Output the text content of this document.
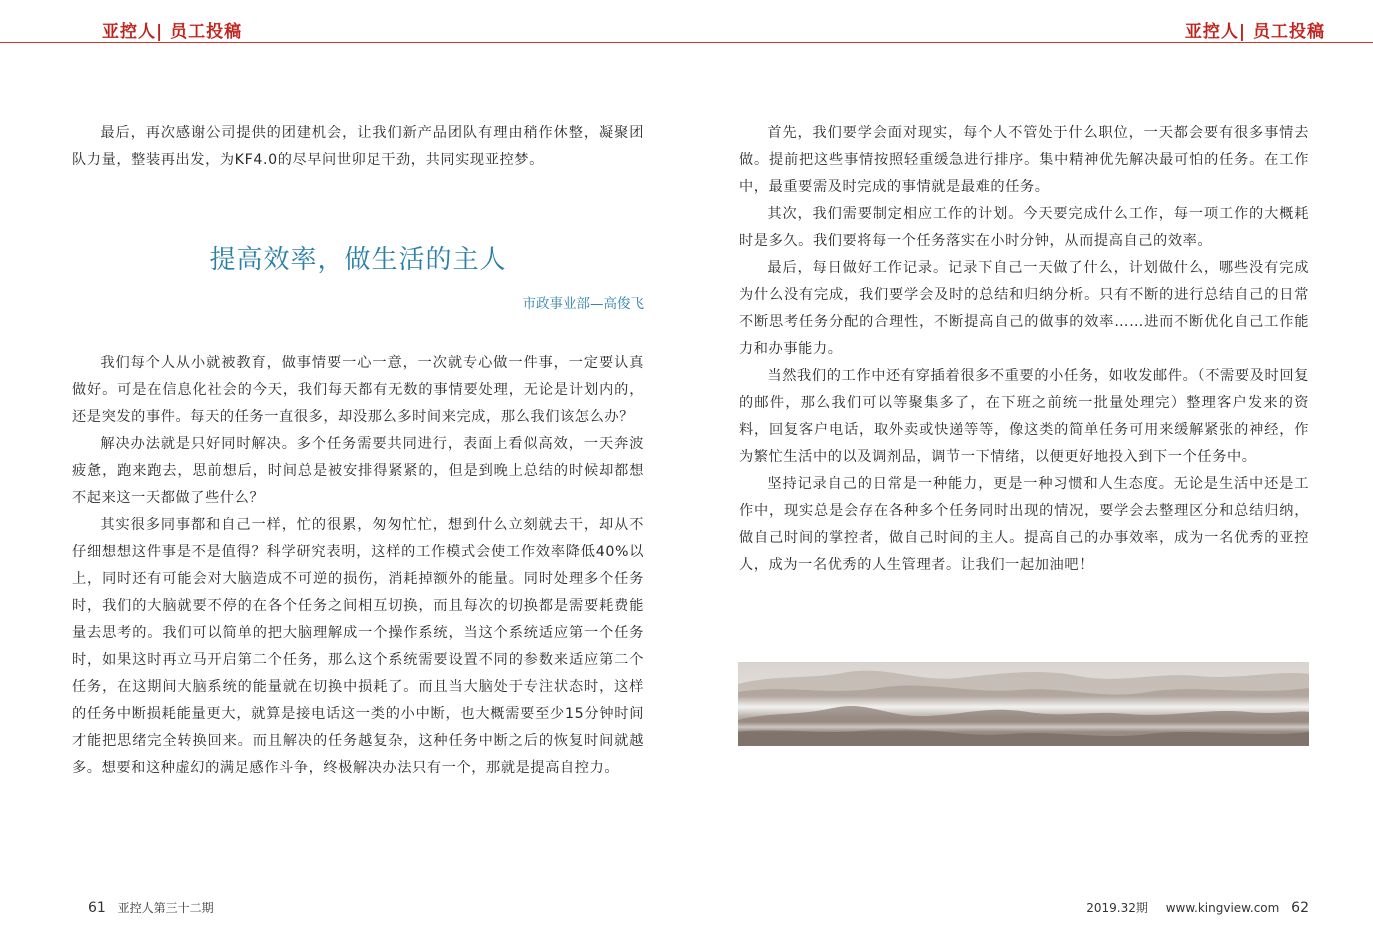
亚控人| 员工投稿	亚控人| 员工投稿

最后，再次感谢公司提供的团建机会，让我们新产品团队有理由稍作休整，凝聚团队力量，整装再出发，为KF4.0的尽早问世卯足干劲，共同实现亚控梦。

提高效率，做生活的主人
市政事业部—高俊飞

我们每个人从小就被教育，做事情要一心一意，一次就专心做一件事，一定要认真做好。可是在信息化社会的今天，我们每天都有无数的事情要处理，无论是计划内的，还是突发的事件。每天的任务一直很多，却没那么多时间来完成，那么我们该怎么办？

解决办法就是只好同时解决。多个任务需要共同进行，表面上看似高效，一天奔波疲惫，跑来跑去，思前想后，时间总是被安排得紧紧的，但是到晚上总结的时候却都想不起来这一天都做了些什么？

其实很多同事都和自己一样，忙的很累，匆匆忙忙，想到什么立刻就去干，却从不仔细想想这件事是不是值得？科学研究表明，这样的工作模式会使工作效率降低40%以上，同时还有可能会对大脑造成不可逆的损伤，消耗掉额外的能量。同时处理多个任务时，我们的大脑就要不停的在各个任务之间相互切换，而且每次的切换都是需要耗费能量去思考的。我们可以简单的把大脑理解成一个操作系统，当这个系统适应第一个任务时，如果这时再立马开启第二个任务，那么这个系统需要设置不同的参数来适应第二个任务，在这期间大脑系统的能量就在切换中损耗了。而且当大脑处于专注状态时，这样的任务中断损耗能量更大，就算是接电话这一类的小中断，也大概需要至少15分钟时间才能把思绪完全转换回来。而且解决的任务越复杂，这种任务中断之后的恢复时间就越多。想要和这种虚幻的满足感作斗争，终极解决办法只有一个，那就是提高自控力。

首先，我们要学会面对现实，每个人不管处于什么职位，一天都会要有很多事情去做。提前把这些事情按照轻重缓急进行排序。集中精神优先解决最可怕的任务。在工作中，最重要需及时完成的事情就是最难的任务。

其次，我们需要制定相应工作的计划。今天要完成什么工作，每一项工作的大概耗时是多久。我们要将每一个任务落实在小时分钟，从而提高自己的效率。

最后，每日做好工作记录。记录下自己一天做了什么，计划做什么，哪些没有完成为什么没有完成，我们要学会及时的总结和归纳分析。只有不断的进行总结自己的日常不断思考任务分配的合理性，不断提高自己的做事的效率……进而不断优化自己工作能力和办事能力。

当然我们的工作中还有穿插着很多不重要的小任务，如收发邮件。（不需要及时回复的邮件，那么我们可以等聚集多了，在下班之前统一批量处理完）整理客户发来的资料，回复客户电话，取外卖或快递等等，像这类的简单任务可用来缓解紧张的神经，作为繁忙生活中的以及调剂品，调节一下情绪，以便更好地投入到下一个任务中。

坚持记录自己的日常是一种能力，更是一种习惯和人生态度。无论是生活中还是工作中，现实总是会存在各种多个任务同时出现的情况，要学会去整理区分和总结归纳，做自己时间的掌控者，做自己时间的主人。提高自己的办事效率，成为一名优秀的亚控人，成为一名优秀的人生管理者。让我们一起加油吧！

61 亚控人第三十二期	2019.32期 www.kingview.com 62
